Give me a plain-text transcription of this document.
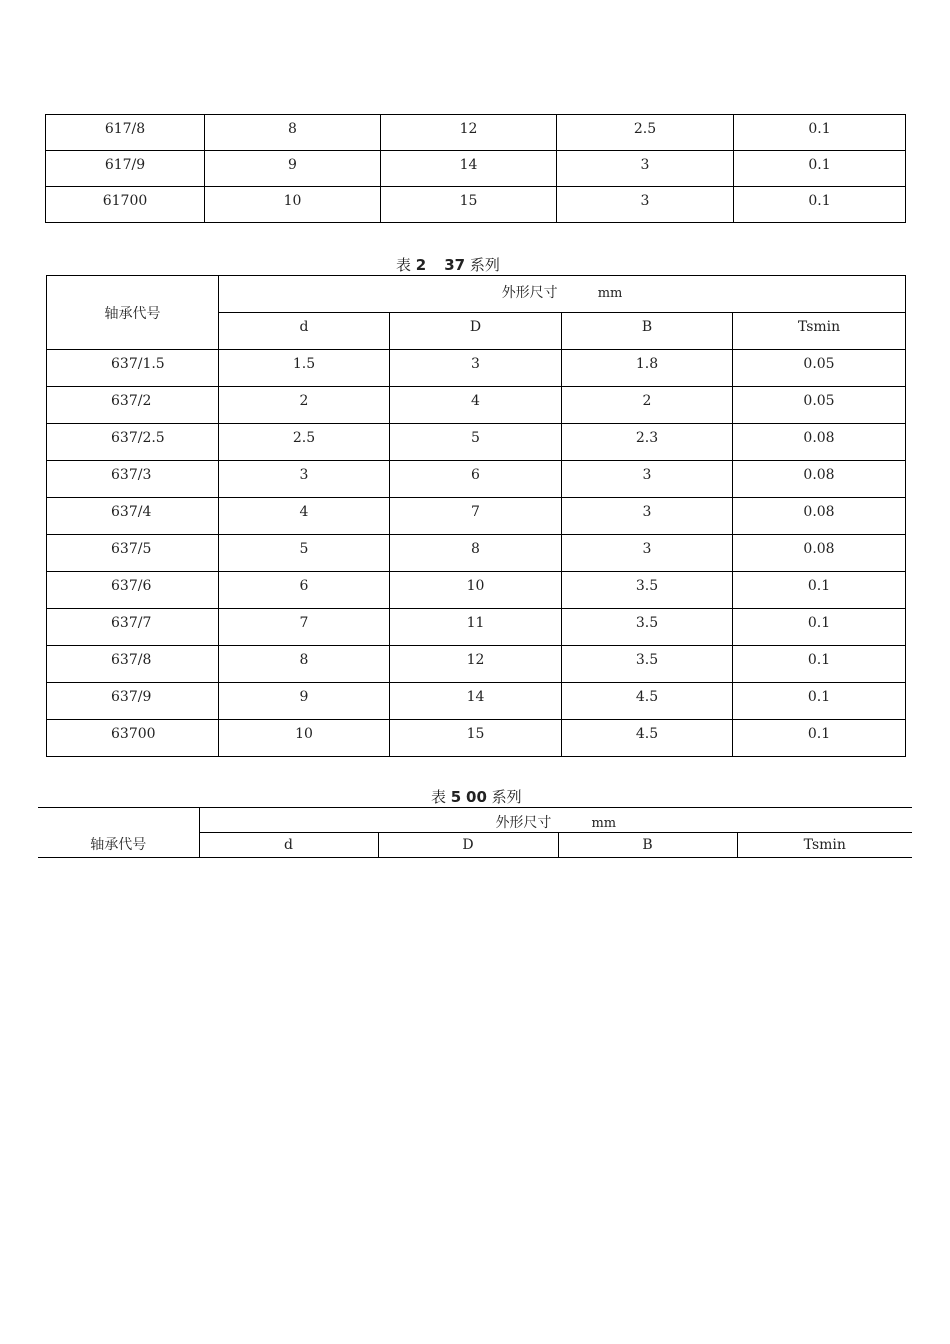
617/8	8	12	2.5	0.1
617/9	9	14	3	0.1
61700	10	15	3	0.1
表 2 37 系列
轴承代号	外形尺寸 mm			
	d	D	B	Tsmin
637/1.5	1.5	3	1.8	0.05
637/2	2	4	2	0.05
637/2.5	2.5	5	2.3	0.08
637/3	3	6	3	0.08
637/4	4	7	3	0.08
637/5	5	8	3	0.08
637/6	6	10	3.5	0.1
637/7	7	11	3.5	0.1
637/8	8	12	3.5	0.1
637/9	9	14	4.5	0.1
63700	10	15	4.5	0.1
表 5 00 系列
轴承代号	外形尺寸 mm			
	d	D	B	Tsmin
